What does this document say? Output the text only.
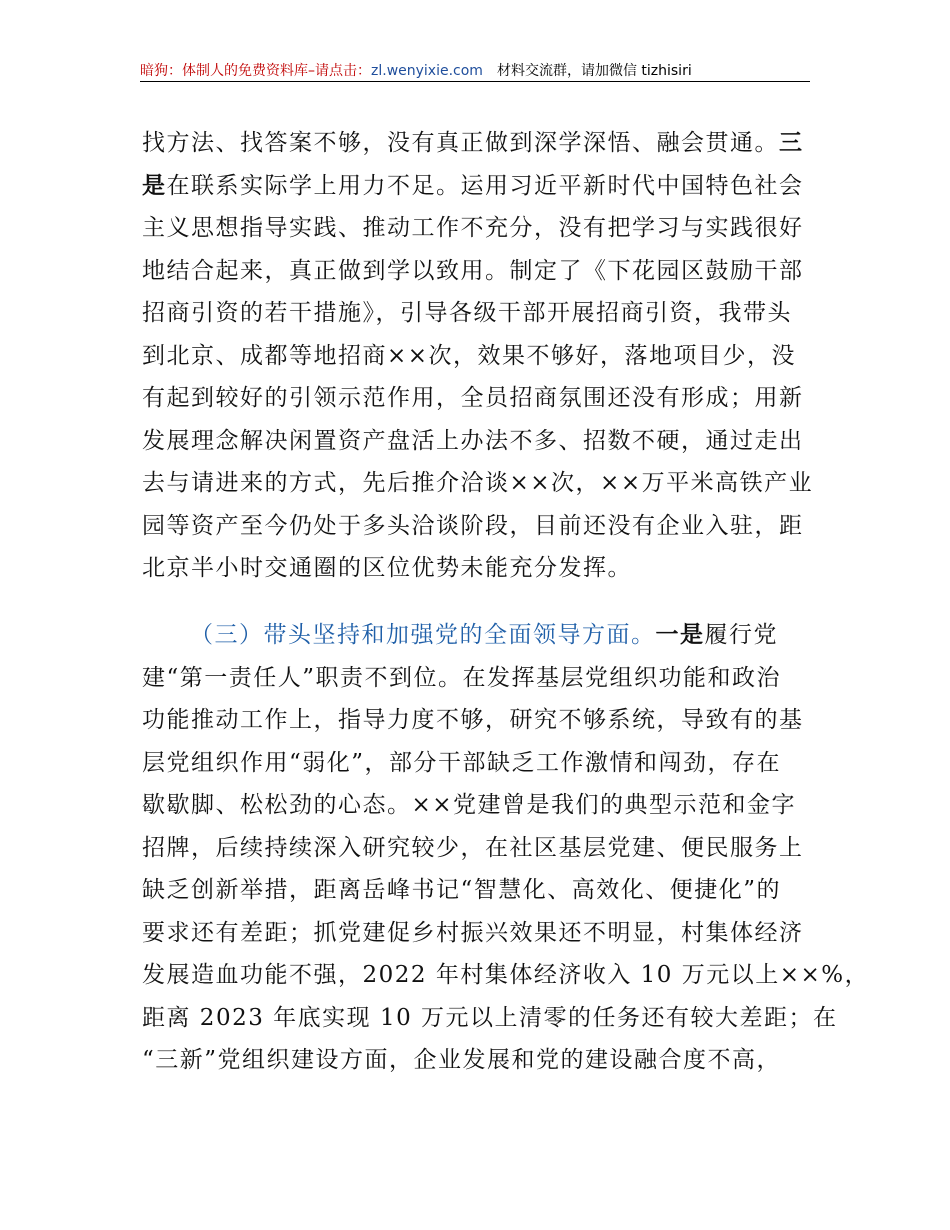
暗狗：体制人的免费资料库–请点击：zl.wenyixie.com 材料交流群，请加微信 tizhisiri
找方法、找答案不够，没有真正做到深学深悟、融会贯通。三
是在联系实际学上用力不足。运用习近平新时代中国特色社会
主义思想指导实践、推动工作不充分，没有把学习与实践很好
地结合起来，真正做到学以致用。制定了《下花园区鼓励干部
招商引资的若干措施》，引导各级干部开展招商引资，我带头
到北京、成都等地招商××次，效果不够好，落地项目少，没
有起到较好的引领示范作用，全员招商氛围还没有形成；用新
发展理念解决闲置资产盘活上办法不多、招数不硬，通过走出
去与请进来的方式，先后推介洽谈××次，××万平米高铁产业
园等资产至今仍处于多头洽谈阶段，目前还没有企业入驻，距
北京半小时交通圈的区位优势未能充分发挥。
（三）带头坚持和加强党的全面领导方面。一是履行党
建“第一责任人”职责不到位。在发挥基层党组织功能和政治
功能推动工作上，指导力度不够，研究不够系统，导致有的基
层党组织作用“弱化”，部分干部缺乏工作激情和闯劲，存在
歇歇脚、松松劲的心态。××党建曾是我们的典型示范和金字
招牌，后续持续深入研究较少，在社区基层党建、便民服务上
缺乏创新举措，距离岳峰书记“智慧化、高效化、便捷化”的
要求还有差距；抓党建促乡村振兴效果还不明显，村集体经济
发展造血功能不强，2022 年村集体经济收入 10 万元以上××%，
距离 2023 年底实现 10 万元以上清零的任务还有较大差距；在
“三新”党组织建设方面，企业发展和党的建设融合度不高，
